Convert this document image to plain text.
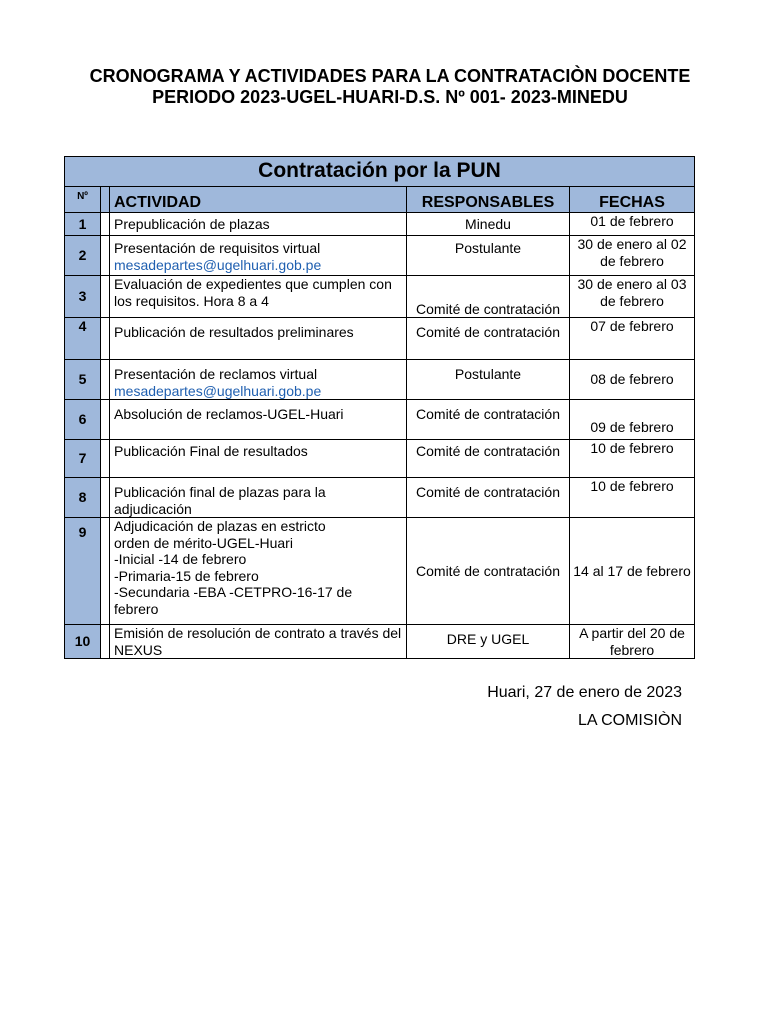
CRONOGRAMA Y ACTIVIDADES PARA LA CONTRATACIÒN DOCENTE PERIODO 2023-UGEL-HUARI-D.S. Nº 001- 2023-MINEDU
Contratación por la PUN				
Nº		ACTIVIDAD	RESPONSABLES	FECHAS
1		Prepublicación de plazas	Minedu	01 de febrero
2		Presentación de requisitos virtual
mesadepartes@ugelhuari.gob.pe	Postulante	30 de enero al 02 de febrero
3		Evaluación de expedientes que cumplen con los requisitos. Hora 8 a 4	Comité de contratación	30 de enero al 03 de febrero
4		Publicación de resultados preliminares	Comité de contratación	07 de febrero
5		Presentación de reclamos virtual
mesadepartes@ugelhuari.gob.pe	Postulante	08 de febrero
6		Absolución de reclamos-UGEL-Huari	Comité de contratación	09 de febrero
7		Publicación Final de resultados	Comité de contratación	10 de febrero
8		Publicación final de plazas para la adjudicación	Comité de contratación	10 de febrero
9		Adjudicación de plazas en estricto orden de mérito-UGEL-Huari
-Inicial -14 de febrero
-Primaria-15 de febrero
-Secundaria -EBA -CETPRO-16-17 de febrero	Comité de contratación	14 al 17 de febrero
10		Emisión de resolución de contrato a través del NEXUS	DRE y UGEL	A partir del 20 de febrero
Huari, 27 de enero de 2023
LA COMISIÒN
